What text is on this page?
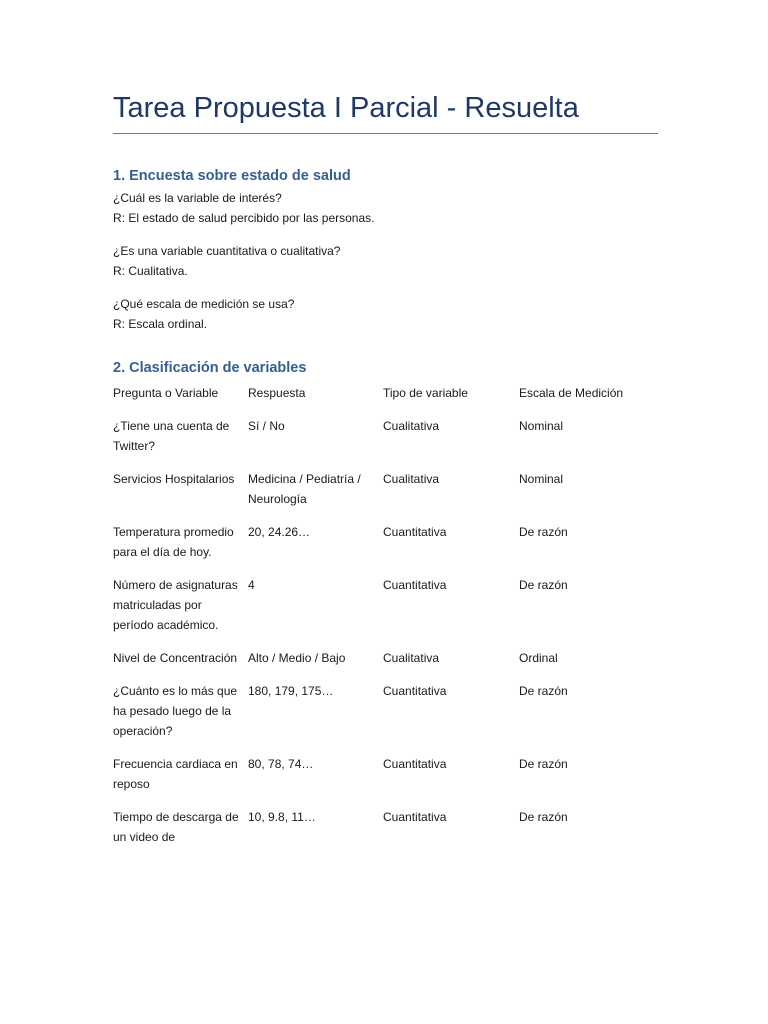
Tarea Propuesta I Parcial - Resuelta
1. Encuesta sobre estado de salud

¿Cuál es la variable de interés?

R: El estado de salud percibido por las personas.

¿Es una variable cuantitativa o cualitativa?

R: Cualitativa.

¿Qué escala de medición se usa?

R: Escala ordinal.

2. Clasificación de variables
Pregunta o Variable	Respuesta	Tipo de variable	Escala de Medición
¿Tiene una cuenta de Twitter?	Sí / No	Cualitativa	Nominal
Servicios Hospitalarios	Medicina / Pediatría / Neurología	Cualitativa	Nominal
Temperatura promedio para el día de hoy.	20, 24.26…	Cuantitativa	De razón
Número de asignaturas matriculadas por período académico.	4	Cuantitativa	De razón
Nivel de Concentración	Alto / Medio / Bajo	Cualitativa	Ordinal
¿Cuánto es lo más que ha pesado luego de la operación?	180, 179, 175…	Cuantitativa	De razón
Frecuencia cardiaca en reposo	80, 78, 74…	Cuantitativa	De razón
Tiempo de descarga de un video de	10, 9.8, 11…	Cuantitativa	De razón
